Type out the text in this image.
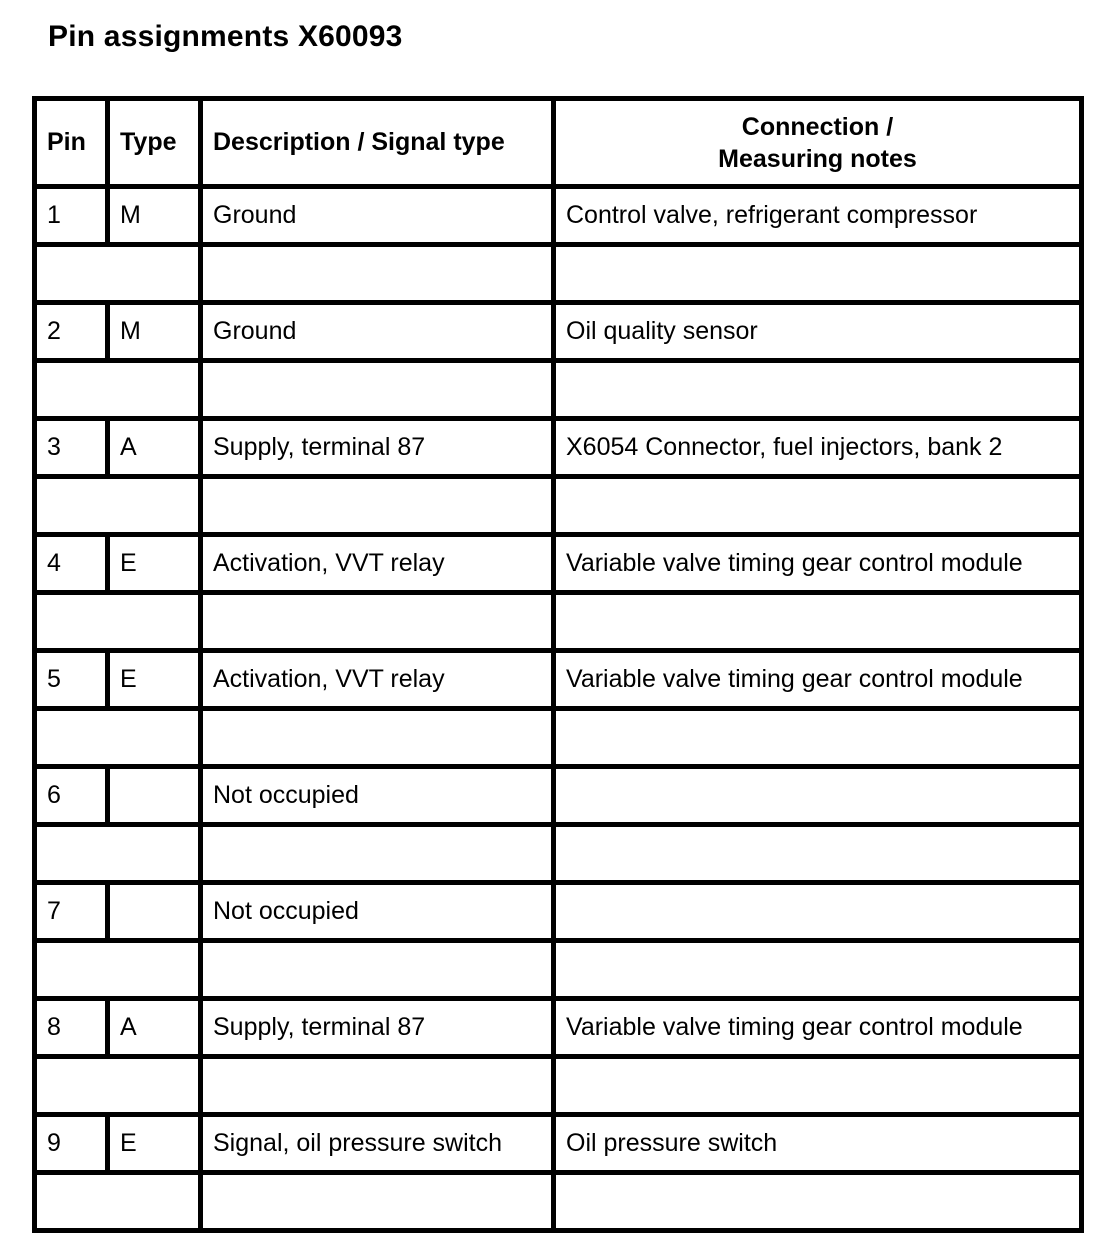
Pin assignments X60093
Pin	Type	Description / Signal type	Connection /
Measuring notes

1	M	Ground	Control valve, refrigerant compressor

2	M	Ground	Oil quality sensor

3	A	Supply, terminal 87	X6054 Connector, fuel injectors, bank 2

4	E	Activation, VVT relay	Variable valve timing gear control module

5	E	Activation, VVT relay	Variable valve timing gear control module

6		Not occupied	

7		Not occupied	

8	A	Supply, terminal 87	Variable valve timing gear control module

9	E	Signal, oil pressure switch	Oil pressure switch
